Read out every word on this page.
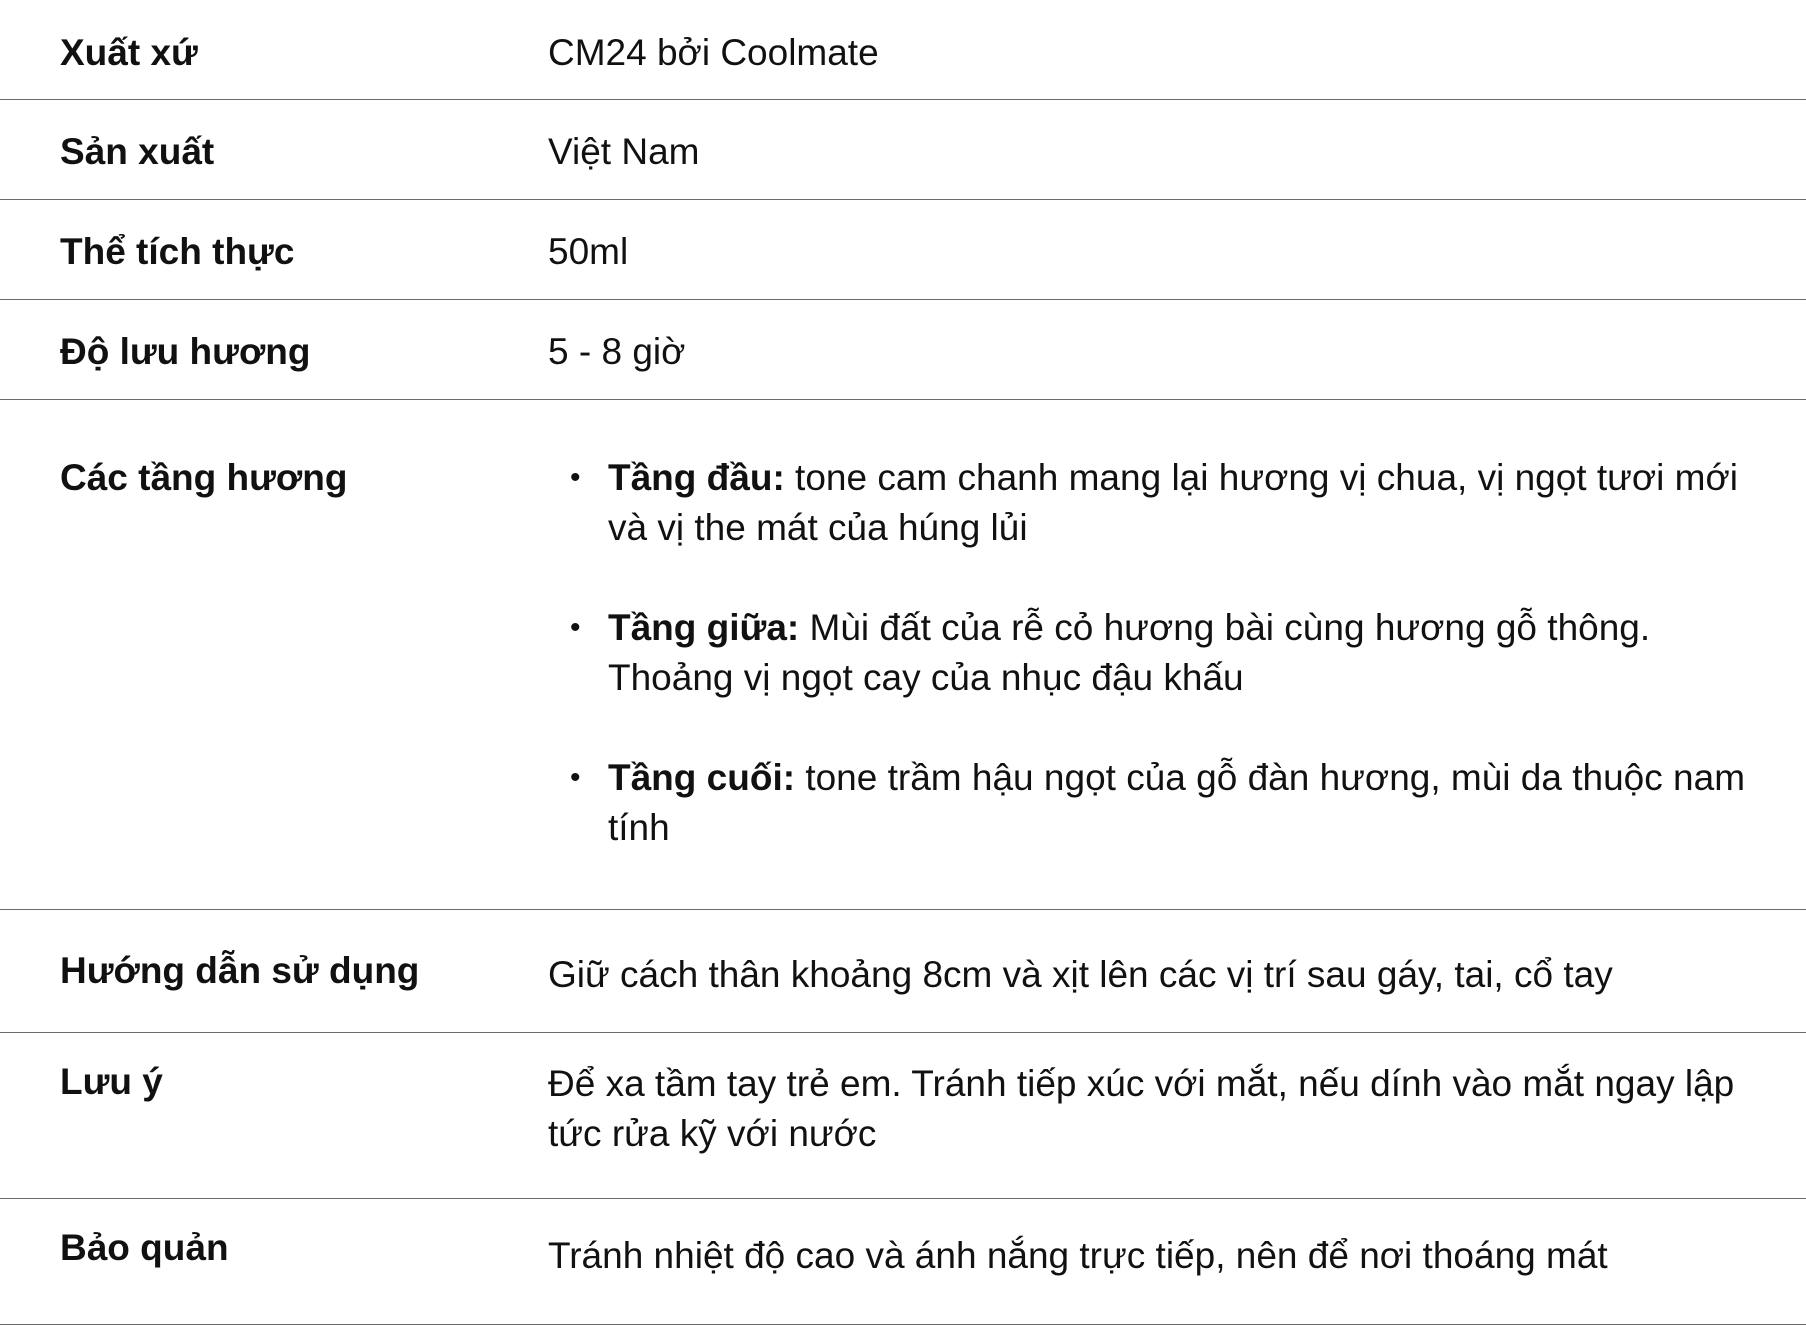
Xuất xứ	CM24 bởi Coolmate
Sản xuất	Việt Nam
Thể tích thực	50ml
Độ lưu hương	5 - 8 giờ
Các tầng hương	• Tầng đầu: tone cam chanh mang lại hương vị chua, vị ngọt tươi mới và vị the mát của húng lủi
• Tầng giữa: Mùi đất của rễ cỏ hương bài cùng hương gỗ thông. Thoảng vị ngọt cay của nhục đậu khấu
• Tầng cuối: tone trầm hậu ngọt của gỗ đàn hương, mùi da thuộc nam tính
Hướng dẫn sử dụng	Giữ cách thân khoảng 8cm và xịt lên các vị trí sau gáy, tai, cổ tay
Lưu ý	Để xa tầm tay trẻ em. Tránh tiếp xúc với mắt, nếu dính vào mắt ngay lập tức rửa kỹ với nước
Bảo quản	Tránh nhiệt độ cao và ánh nắng trực tiếp, nên để nơi thoáng mát
